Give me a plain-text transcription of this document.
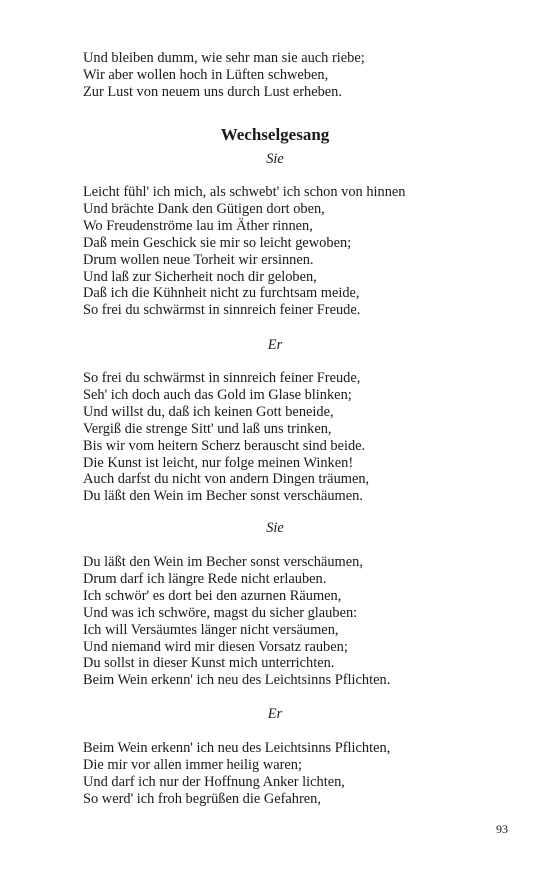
Und bleiben dumm, wie sehr man sie auch riebe;
Wir aber wollen hoch in Lüften schweben,
Zur Lust von neuem uns durch Lust erheben.
Wechselgesang
Sie
Leicht fühl' ich mich, als schwebt' ich schon von hinnen
Und brächte Dank den Gütigen dort oben,
Wo Freudenströme lau im Äther rinnen,
Daß mein Geschick sie mir so leicht gewoben;
Drum wollen neue Torheit wir ersinnen.
Und laß zur Sicherheit noch dir geloben,
Daß ich die Kühnheit nicht zu furchtsam meide,
So frei du schwärmst in sinnreich feiner Freude.
Er
So frei du schwärmst in sinnreich feiner Freude,
Seh' ich doch auch das Gold im Glase blinken;
Und willst du, daß ich keinen Gott beneide,
Vergiß die strenge Sitt' und laß uns trinken,
Bis wir vom heitern Scherz berauscht sind beide.
Die Kunst ist leicht, nur folge meinen Winken!
Auch darfst du nicht von andern Dingen träumen,
Du läßt den Wein im Becher sonst verschäumen.
Sie
Du läßt den Wein im Becher sonst verschäumen,
Drum darf ich längre Rede nicht erlauben.
Ich schwör' es dort bei den azurnen Räumen,
Und was ich schwöre, magst du sicher glauben:
Ich will Versäumtes länger nicht versäumen,
Und niemand wird mir diesen Vorsatz rauben;
Du sollst in dieser Kunst mich unterrichten.
Beim Wein erkenn' ich neu des Leichtsinns Pflichten.
Er
Beim Wein erkenn' ich neu des Leichtsinns Pflichten,
Die mir vor allen immer heilig waren;
Und darf ich nur der Hoffnung Anker lichten,
So werd' ich froh begrüßen die Gefahren,
93
